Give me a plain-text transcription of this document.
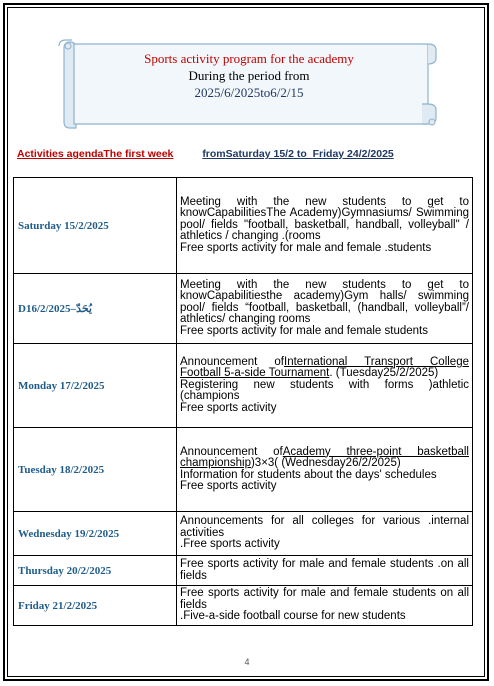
Sports activity program for the academy
During the period from
2025/6/2025to6/2/15
Activities agendaThe first week	fromSaturday 15/2 to  Friday 24/2/2025
Saturday 15/2/2025	Meeting with the new students to get to knowCapabilitiesThe Academy)Gymnasiums/ Swimming pool/ fields "football, basketball, handball, volleyball" / athletics / changing .(rooms

Free sports activity for male and female .students

D16/2/2025–يُحَدّ	Meeting with the new students to get to knowCapabilitiesthe academy)Gym halls/ swimming pool/ fields “football, basketball, (handball, volleyball”/ athletics/ changing rooms

Free sports activity for male and female students

Monday 17/2/2025	Announcement ofInternational Transport College Football 5-a-side Tournament. (Tuesday25/2/2025)

Registering new students with forms )athletic (champions

Free sports activity

Tuesday 18/2/2025	Announcement ofAcademy three-point basketball championship)3×3( (Wednesday26/2/2025)

Information for students about the days' schedules

Free sports activity

Wednesday 19/2/2025	Announcements for all colleges for various .internal activities

.Free sports activity

Thursday 20/2/2025	Free sports activity for male and female students .on all fields

Friday 21/2/2025	Free sports activity for male and female students on all fields

.Five-a-side football course for new students

4
